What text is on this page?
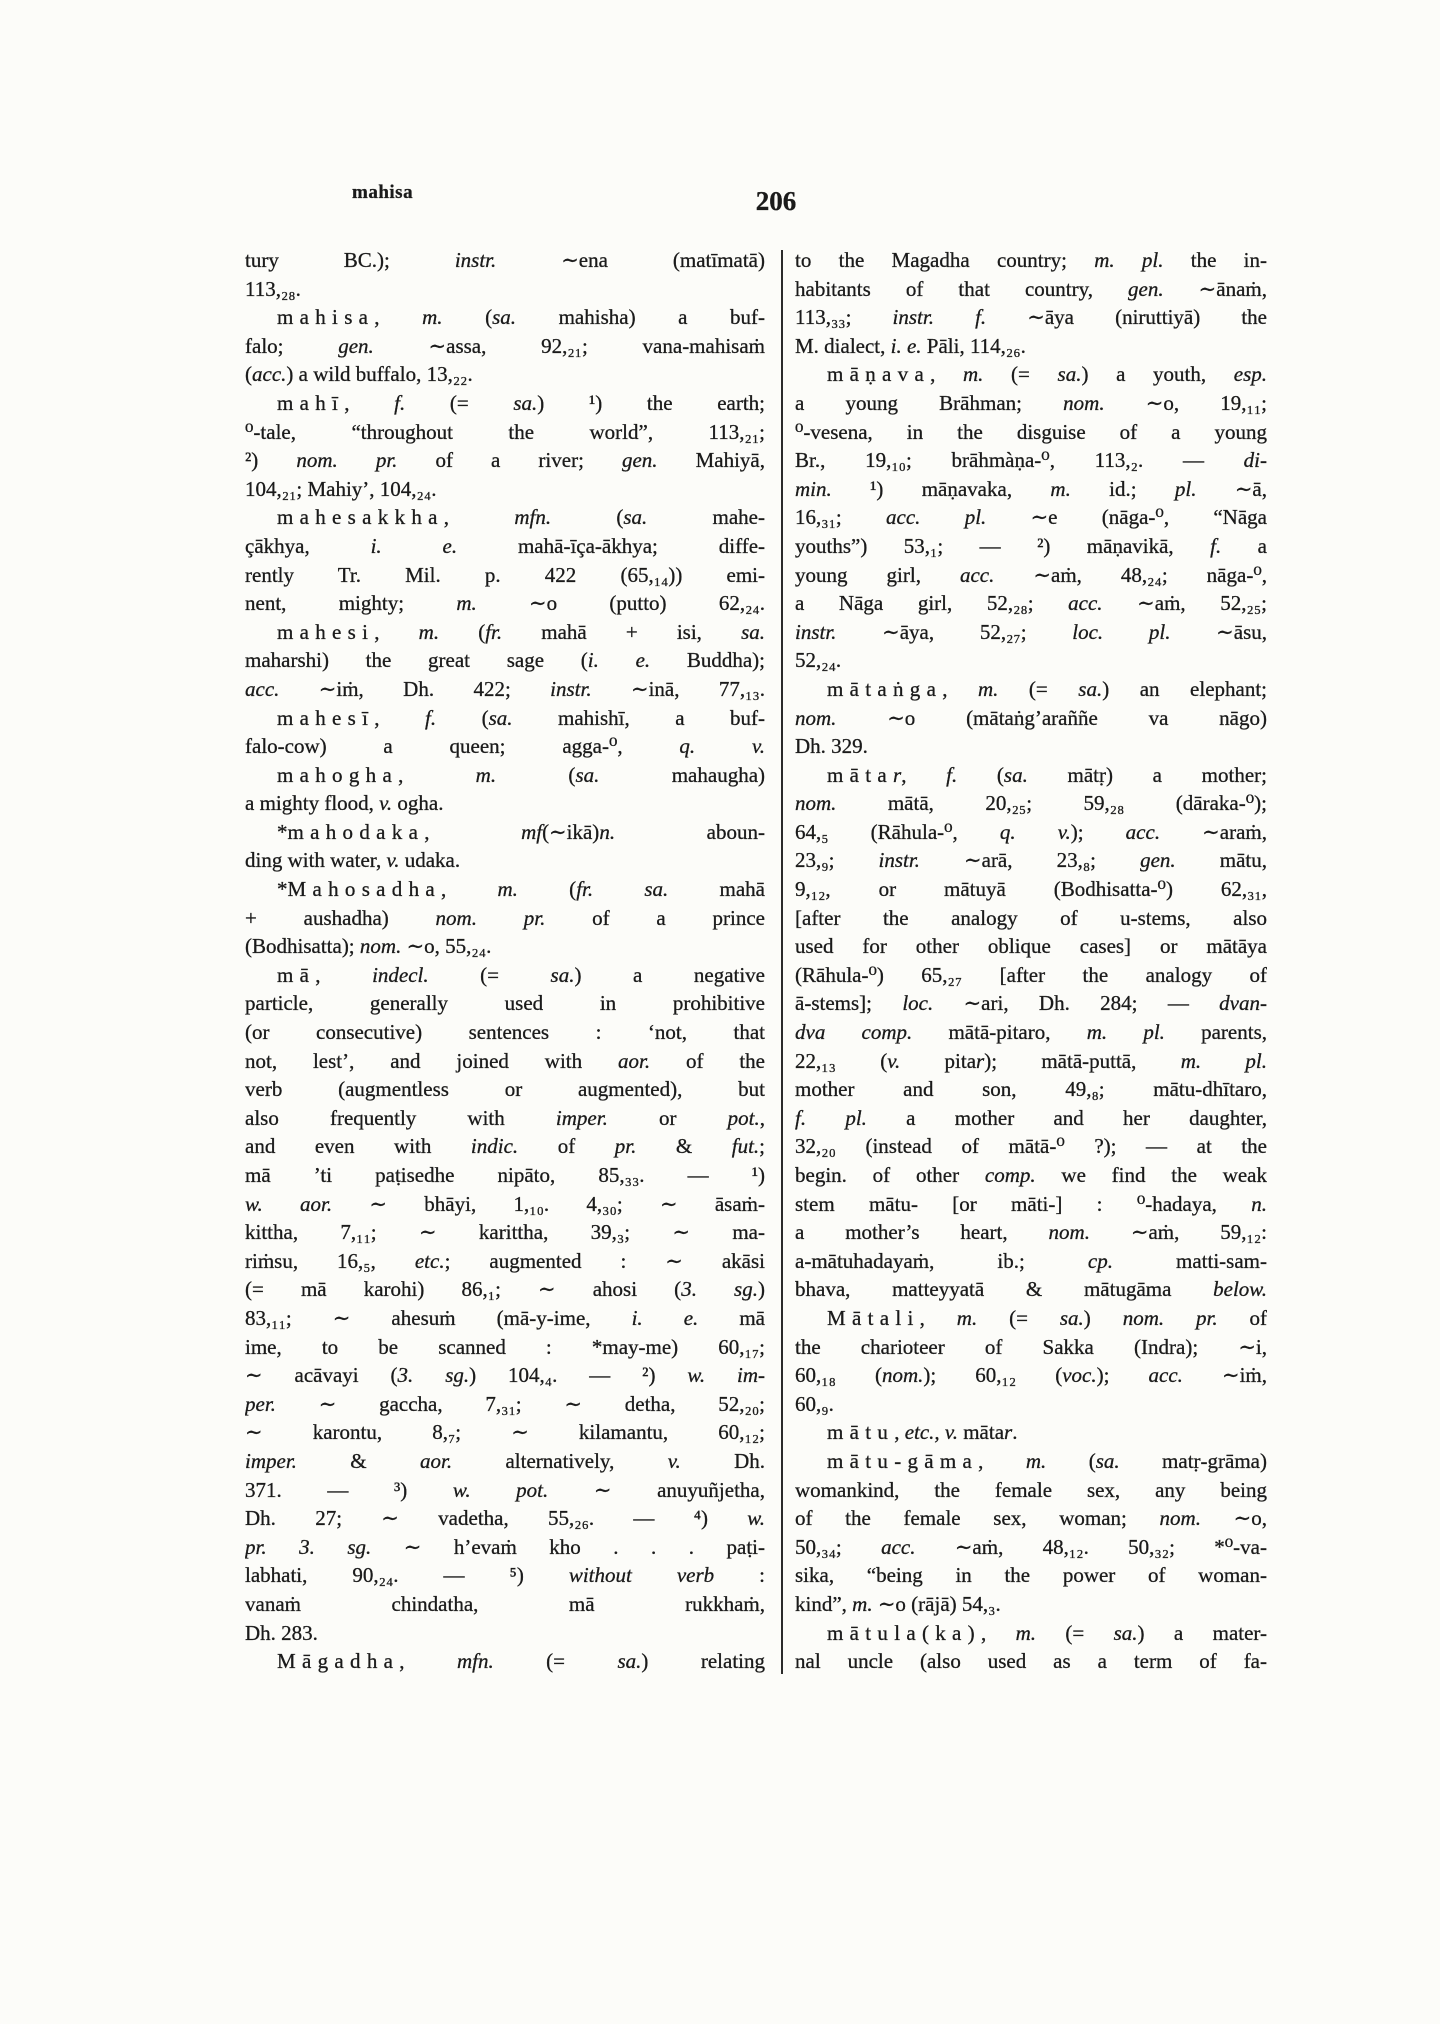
mahisa	206
tury BC.); instr. ∼ena (matīmatā)
113,₂₈.
mahisa, m. (sa. mahisha) a buf-
falo; gen. ∼assa, 92,₂₁; vana-mahisaṁ
(acc.) a wild buffalo, 13,₂₂.
mahī, f. (= sa.) ¹) the earth;
⁰-tale, “throughout the world”, 113,₂₁;
²) nom. pr. of a river; gen. Mahiyā,
104,₂₁; Mahiy’, 104,₂₄.
mahesakkha, mfn. (sa. mahe-
çākhya, i. e. mahā-īça-ākhya; diffe-
rently Tr. Mil. p. 422 (65,₁₄)) emi-
nent, mighty; m. ∼o (putto) 62,₂₄.
mahesi, m. (fr. mahā + isi, sa.
maharshi) the great sage (i. e. Buddha);
acc. ∼iṁ, Dh. 422; instr. ∼inā, 77,₁₃.
mahesī, f. (sa. mahishī, a buf-
falo-cow) a queen; agga-⁰, q. v.
mahogha, m. (sa. mahaugha)
a mighty flood, v. ogha.
*mahodaka, mf(∼ikā)n. aboun-
ding with water, v. udaka.
*Mahosadha, m. (fr. sa. mahā
+ aushadha) nom. pr. of a prince
(Bodhisatta); nom. ∼o, 55,₂₄.
mā, indecl. (= sa.) a negative
particle, generally used in prohibitive
(or consecutive) sentences : ‘not, that
not, lest’, and joined with aor. of the
verb (augmentless or augmented), but
also frequently with imper. or pot.,
and even with indic. of pr. & fut.;
mā ’ti paṭisedhe nipāto, 85,₃₃. — ¹)
w. aor. ∼ bhāyi, 1,₁₀. 4,₃₀; ∼ āsaṁ-
kittha, 7,₁₁; ∼ karittha, 39,₃; ∼ ma-
riṁsu, 16,₅, etc.; augmented : ∼ akāsi
(= mā karohi) 86,₁; ∼ ahosi (3. sg.)
83,₁₁; ∼ ahesuṁ (mā-y-ime, i. e. mā
ime, to be scanned : *may-me) 60,₁₇;
∼ acāvayi (3. sg.) 104,₄. — ²) w. im-
per. ∼ gaccha, 7,₃₁; ∼ detha, 52,₂₀;
∼ karontu, 8,₇; ∼ kilamantu, 60,₁₂;
imper. & aor. alternatively, v. Dh.
371. — ³) w. pot. ∼ anuyuñjetha,
Dh. 27; ∼ vadetha, 55,₂₆. — ⁴) w.
pr. 3. sg. ∼ h’evaṁ kho . . . paṭi-
labhati, 90,₂₄. — ⁵) without verb :
vanaṁ chindatha, mā rukkhaṁ,
Dh. 283.
Māgadha, mfn. (= sa.) relating
to the Magadha country; m. pl. the in-
habitants of that country, gen. ∼ānaṁ,
113,₃₃; instr. f. ∼āya (niruttiyā) the
M. dialect, i. e. Pāli, 114,₂₆.
māṇava, m. (= sa.) a youth, esp.
a young Brāhman; nom. ∼o, 19,₁₁;
⁰-vesena, in the disguise of a young
Br., 19,₁₀; brāhmàṇa-⁰, 113,₂. — di-
min. ¹) māṇavaka, m. id.; pl. ∼ā,
16,₃₁; acc. pl. ∼e (nāga-⁰, “Nāga
youths”) 53,₁; — ²) māṇavikā, f. a
young girl, acc. ∼aṁ, 48,₂₄; nāga-⁰,
a Nāga girl, 52,₂₈; acc. ∼aṁ, 52,₂₅;
instr. ∼āya, 52,₂₇; loc. pl. ∼āsu,
52,₂₄.
mātaṅga, m. (= sa.) an elephant;
nom. ∼o (mātaṅg’araññe va nāgo)
Dh. 329.
mātar, f. (sa. mātṛ) a mother;
nom. mātā, 20,₂₅; 59,₂₈ (dāraka-⁰);
64,₅ (Rāhula-⁰, q. v.); acc. ∼araṁ,
23,₉; instr. ∼arā, 23,₈; gen. mātu,
9,₁₂, or mātuyā (Bodhisatta-⁰) 62,₃₁,
[after the analogy of u-stems, also
used for other oblique cases] or mātāya
(Rāhula-⁰) 65,₂₇ [after the analogy of
ā-stems]; loc. ∼ari, Dh. 284; — dvan-
dva comp. mātā-pitaro, m. pl. parents,
22,₁₃ (v. pitar); mātā-puttā, m. pl.
mother and son, 49,₈; mātu-dhītaro,
f. pl. a mother and her daughter,
32,₂₀ (instead of mātā-⁰ ?); — at the
begin. of other comp. we find the weak
stem mātu- [or māti-] : ⁰-hadaya, n.
a mother’s heart, nom. ∼aṁ, 59,₁₂:
a-mātuhadayaṁ, ib.; cp. matti-sam-
bhava, matteyyatā & mātugāma below.
Mātali, m. (= sa.) nom. pr. of
the charioteer of Sakka (Indra); ∼i,
60,₁₈ (nom.); 60,₁₂ (voc.); acc. ∼iṁ,
60,₉.
mātu, etc., v. mātar.
mātu-gāma, m. (sa. matṛ-grāma)
womankind, the female sex, any being
of the female sex, woman; nom. ∼o,
50,₃₄; acc. ∼aṁ, 48,₁₂. 50,₃₂; *⁰-va-
sika, “being in the power of woman-
kind”, m. ∼o (rājā) 54,₃.
mātula(ka), m. (= sa.) a mater-
nal uncle (also used as a term of fa-
